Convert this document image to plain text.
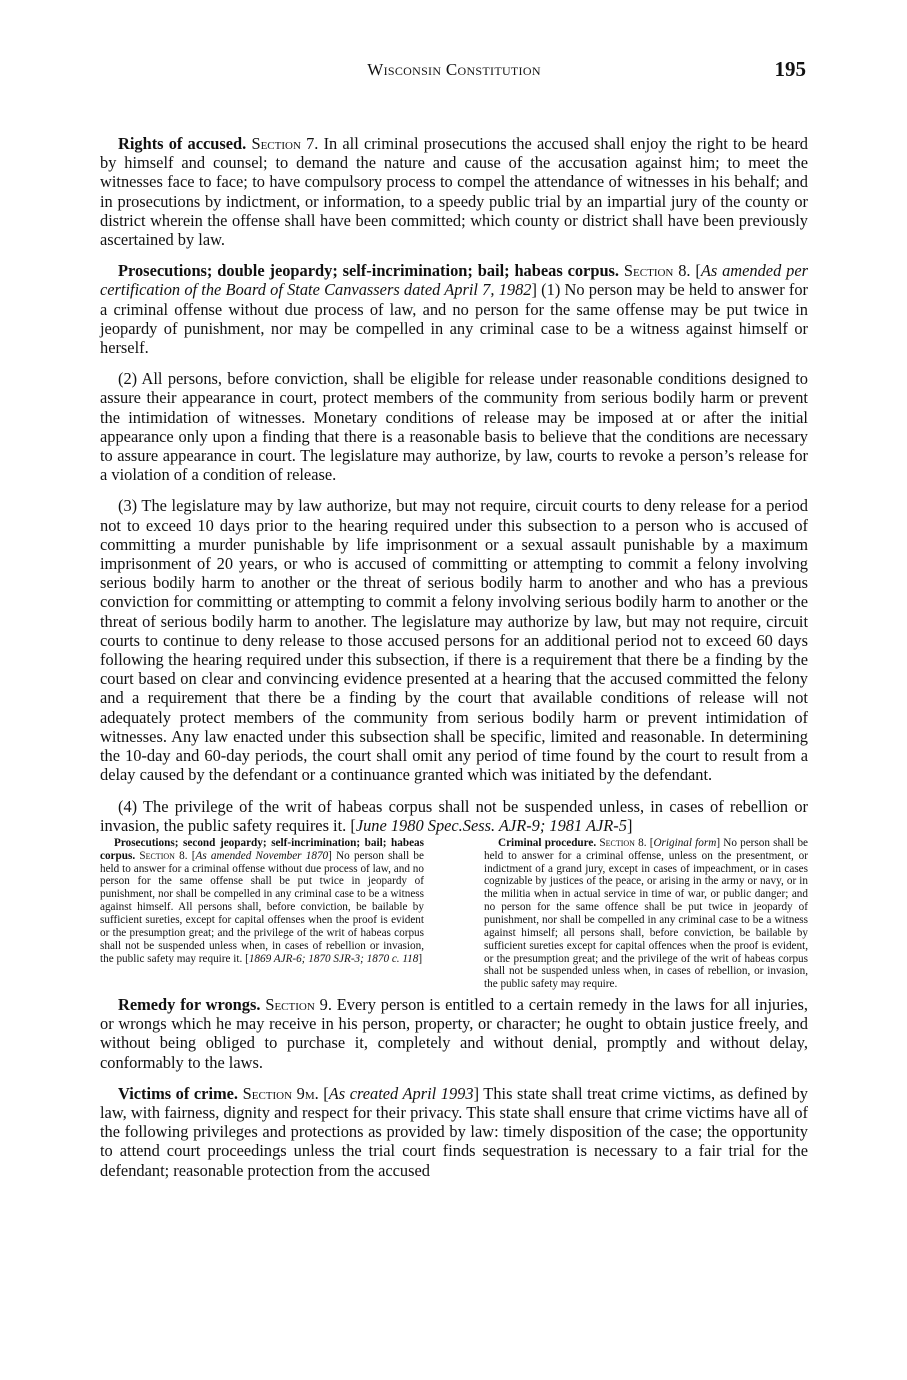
Wisconsin Constitution	195

Rights of accused. Section 7. In all criminal prosecutions the accused shall enjoy the right to be heard by himself and counsel; to demand the nature and cause of the accusation against him; to meet the witnesses face to face; to have compulsory process to compel the attendance of witnesses in his behalf; and in prosecutions by indictment, or information, to a speedy public trial by an impartial jury of the county or district wherein the offense shall have been committed; which county or district shall have been previously ascertained by law.

Prosecutions; double jeopardy; self-incrimination; bail; habeas corpus. Section 8. [As amended per certification of the Board of State Canvassers dated April 7, 1982] (1) No person may be held to answer for a criminal offense without due process of law, and no person for the same offense may be put twice in jeopardy of punishment, nor may be compelled in any criminal case to be a witness against himself or herself.

(2) All persons, before conviction, shall be eligible for release under reasonable conditions designed to assure their appearance in court, protect members of the community from serious bodily harm or prevent the intimidation of witnesses. Monetary conditions of release may be imposed at or after the initial appearance only upon a finding that there is a reasonable basis to believe that the conditions are necessary to assure appearance in court. The legislature may authorize, by law, courts to revoke a person’s release for a violation of a condition of release.

(3) The legislature may by law authorize, but may not require, circuit courts to deny release for a period not to exceed 10 days prior to the hearing required under this subsection to a person who is accused of committing a murder punishable by life imprisonment or a sexual assault punishable by a maximum imprisonment of 20 years, or who is accused of committing or attempting to commit a felony involving serious bodily harm to another or the threat of serious bodily harm to another and who has a previous conviction for committing or attempting to commit a felony involving serious bodily harm to another or the threat of serious bodily harm to another. The legislature may authorize by law, but may not require, circuit courts to continue to deny release to those accused persons for an additional period not to exceed 60 days following the hearing required under this subsection, if there is a requirement that there be a finding by the court based on clear and convincing evidence presented at a hearing that the accused committed the felony and a requirement that there be a finding by the court that available conditions of release will not adequately protect members of the community from serious bodily harm or prevent intimidation of witnesses. Any law enacted under this subsection shall be specific, limited and reasonable. In determining the 10-day and 60-day periods, the court shall omit any period of time found by the court to result from a delay caused by the defendant or a continuance granted which was initiated by the defendant.

(4) The privilege of the writ of habeas corpus shall not be suspended unless, in cases of rebellion or invasion, the public safety requires it. [June 1980 Spec.Sess. AJR-9; 1981 AJR-5]

Prosecutions; second jeopardy; self-incrimination; bail; habeas corpus. Section 8. [As amended November 1870] No person shall be held to answer for a criminal offense without due process of law, and no person for the same offense shall be put twice in jeopardy of punishment, nor shall be compelled in any criminal case to be a witness against himself. All persons shall, before conviction, be bailable by sufficient sureties, except for capital offenses when the proof is evident or the presumption great; and the privilege of the writ of habeas corpus shall not be suspended unless when, in cases of rebellion or invasion, the public safety may require it. [1869 AJR-6; 1870 SJR-3; 1870 c. 118]

Criminal procedure. Section 8. [Original form] No person shall be held to answer for a criminal offense, unless on the presentment, or indictment of a grand jury, except in cases of impeachment, or in cases cognizable by justices of the peace, or arising in the army or navy, or in the militia when in actual service in time of war, or public danger; and no person for the same offence shall be put twice in jeopardy of punishment, nor shall be compelled in any criminal case to be a witness against himself; all persons shall, before conviction, be bailable by sufficient sureties except for capital offences when the proof is evident, or the presumption great; and the privilege of the writ of habeas corpus shall not be suspended unless when, in cases of rebellion, or invasion, the public safety may require.

Remedy for wrongs. Section 9. Every person is entitled to a certain remedy in the laws for all injuries, or wrongs which he may receive in his person, property, or character; he ought to obtain justice freely, and without being obliged to purchase it, completely and without denial, promptly and without delay, conformably to the laws.

Victims of crime. Section 9m. [As created April 1993] This state shall treat crime victims, as defined by law, with fairness, dignity and respect for their privacy. This state shall ensure that crime victims have all of the following privileges and protections as provided by law: timely disposition of the case; the opportunity to attend court proceedings unless the trial court finds sequestration is necessary to a fair trial for the defendant; reasonable protection from the accused
